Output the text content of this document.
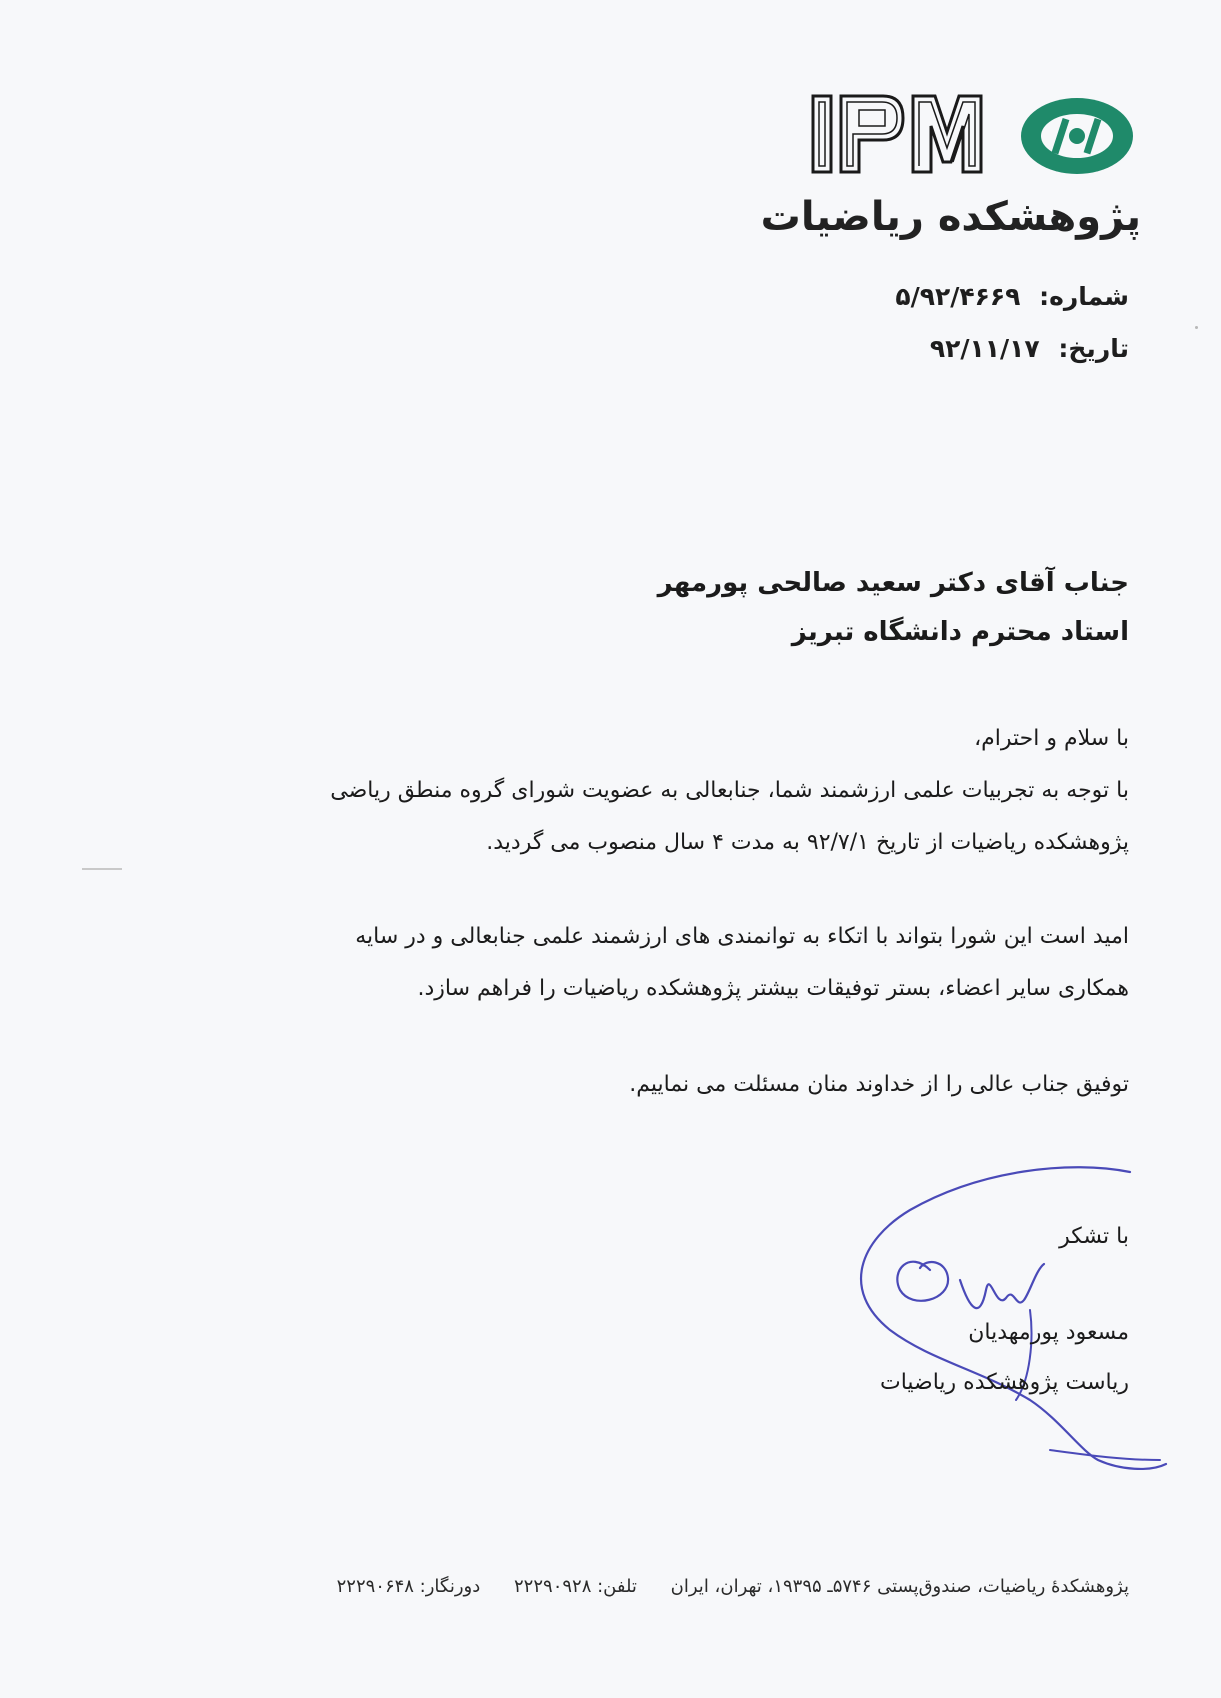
پژوهشکده ریاضیات
شماره: ۵/۹۲/۴۶۶۹
تاریخ: ۹۲/۱۱/۱۷
جناب آقای دکتر سعید صالحی پورمهر
استاد محترم دانشگاه تبریز

با سلام و احترام،

با توجه به تجربیات علمی ارزشمند شما، جنابعالی به عضویت شورای گروه منطق ریاضی

پژوهشکده ریاضیات از تاریخ ۹۲/۷/۱ به مدت ۴ سال منصوب می گردید.

امید است این شورا بتواند با اتکاء به توانمندی های ارزشمند علمی جنابعالی و در سایه

همکاری سایر اعضاء، بستر توفیقات بیشتر پژوهشکده ریاضیات را فراهم سازد.

توفیق جناب عالی را از خداوند منان مسئلت می نماییم.

با تشکر
مسعود پورمهدیان
ریاست پژوهشکده ریاضیات
پژوهشکدهٔ ریاضیات، صندوق‌پستی ۵۷۴۶ـ ۱۹۳۹۵، تهران، ایران تلفن: ۲۲۲۹۰۹۲۸ دورنگار: ۲۲۲۹۰۶۴۸
